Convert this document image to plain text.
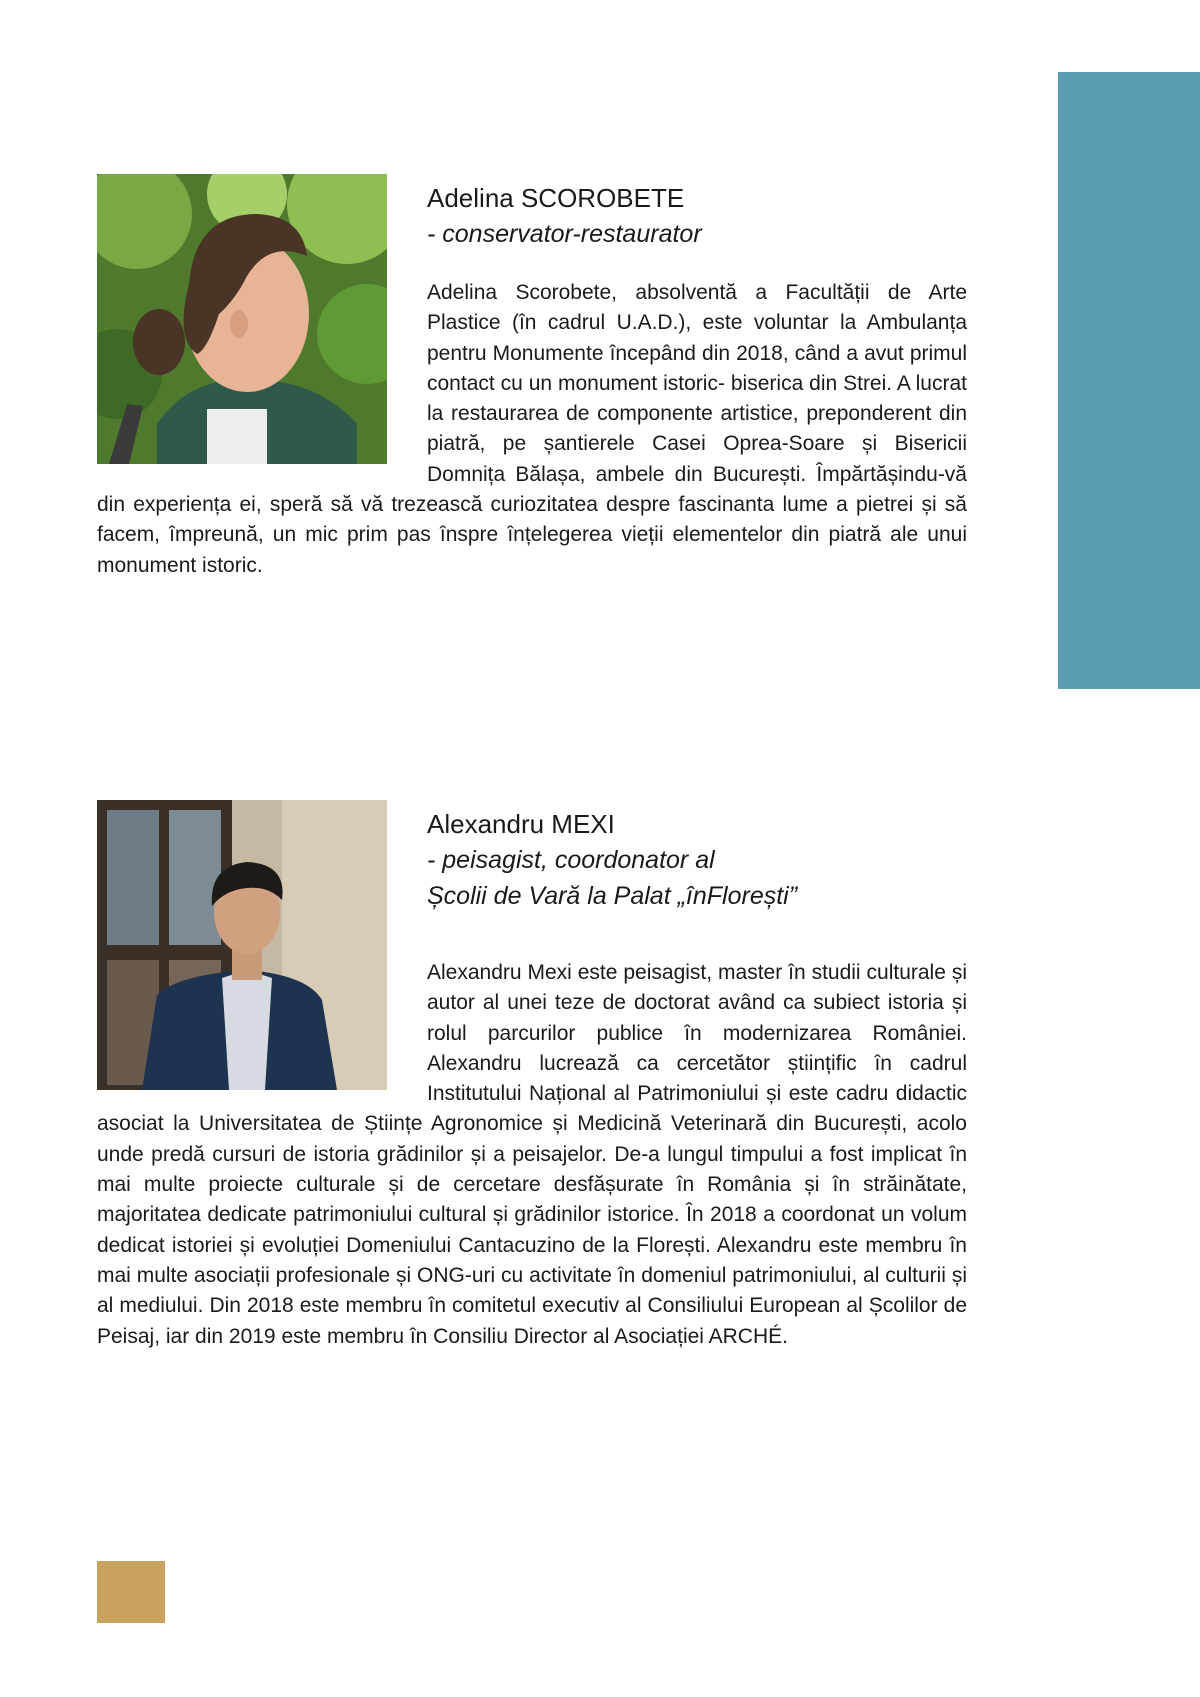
Adelina SCOROBETE

- conservator-restaurator

Adelina Scorobete, absolventă a Facultății de Arte Plastice (în cadrul U.A.D.), este voluntar la Ambulanța pentru Monumente începând din 2018, când a avut primul contact cu un monument istoric- biserica din Strei. A lucrat la restaurarea de componente artistice, preponderent din piatră, pe șantierele Casei Oprea-Soare și Bisericii Domnița Bălașa, ambele din București. Împărtășindu-vă din experiența ei, speră să vă trezească curiozitatea despre fascinanta lume a pietrei și să facem, împreună, un mic prim pas înspre înțelegerea vieții elementelor din piatră ale unui monument istoric.

Alexandru MEXI

- peisagist, coordonator al

Școlii de Vară la Palat „înFlorești”

Alexandru Mexi este peisagist, master în studii culturale și autor al unei teze de doctorat având ca subiect istoria și rolul parcurilor publice în modernizarea României. Alexandru lucrează ca cercetător științific în cadrul Institutului Național al Patrimoniului și este cadru didactic asociat la Universitatea de Științe Agronomice și Medicină Veterinară din București, acolo unde predă cursuri de istoria grădinilor și a peisajelor. De-a lungul timpului a fost implicat în mai multe proiecte culturale și de cercetare desfășurate în România și în străinătate, majoritatea dedicate patrimoniului cultural și grădinilor istorice. În 2018 a coordonat un volum dedicat istoriei și evoluției Domeniului Cantacuzino de la Florești. Alexandru este membru în mai multe asociații profesionale și ONG-uri cu activitate în domeniul patrimoniului, al culturii și al mediului. Din 2018 este membru în comitetul executiv al Consiliului European al Școlilor de Peisaj, iar din 2019 este membru în Consiliu Director al Asociației ARCHÉ.
